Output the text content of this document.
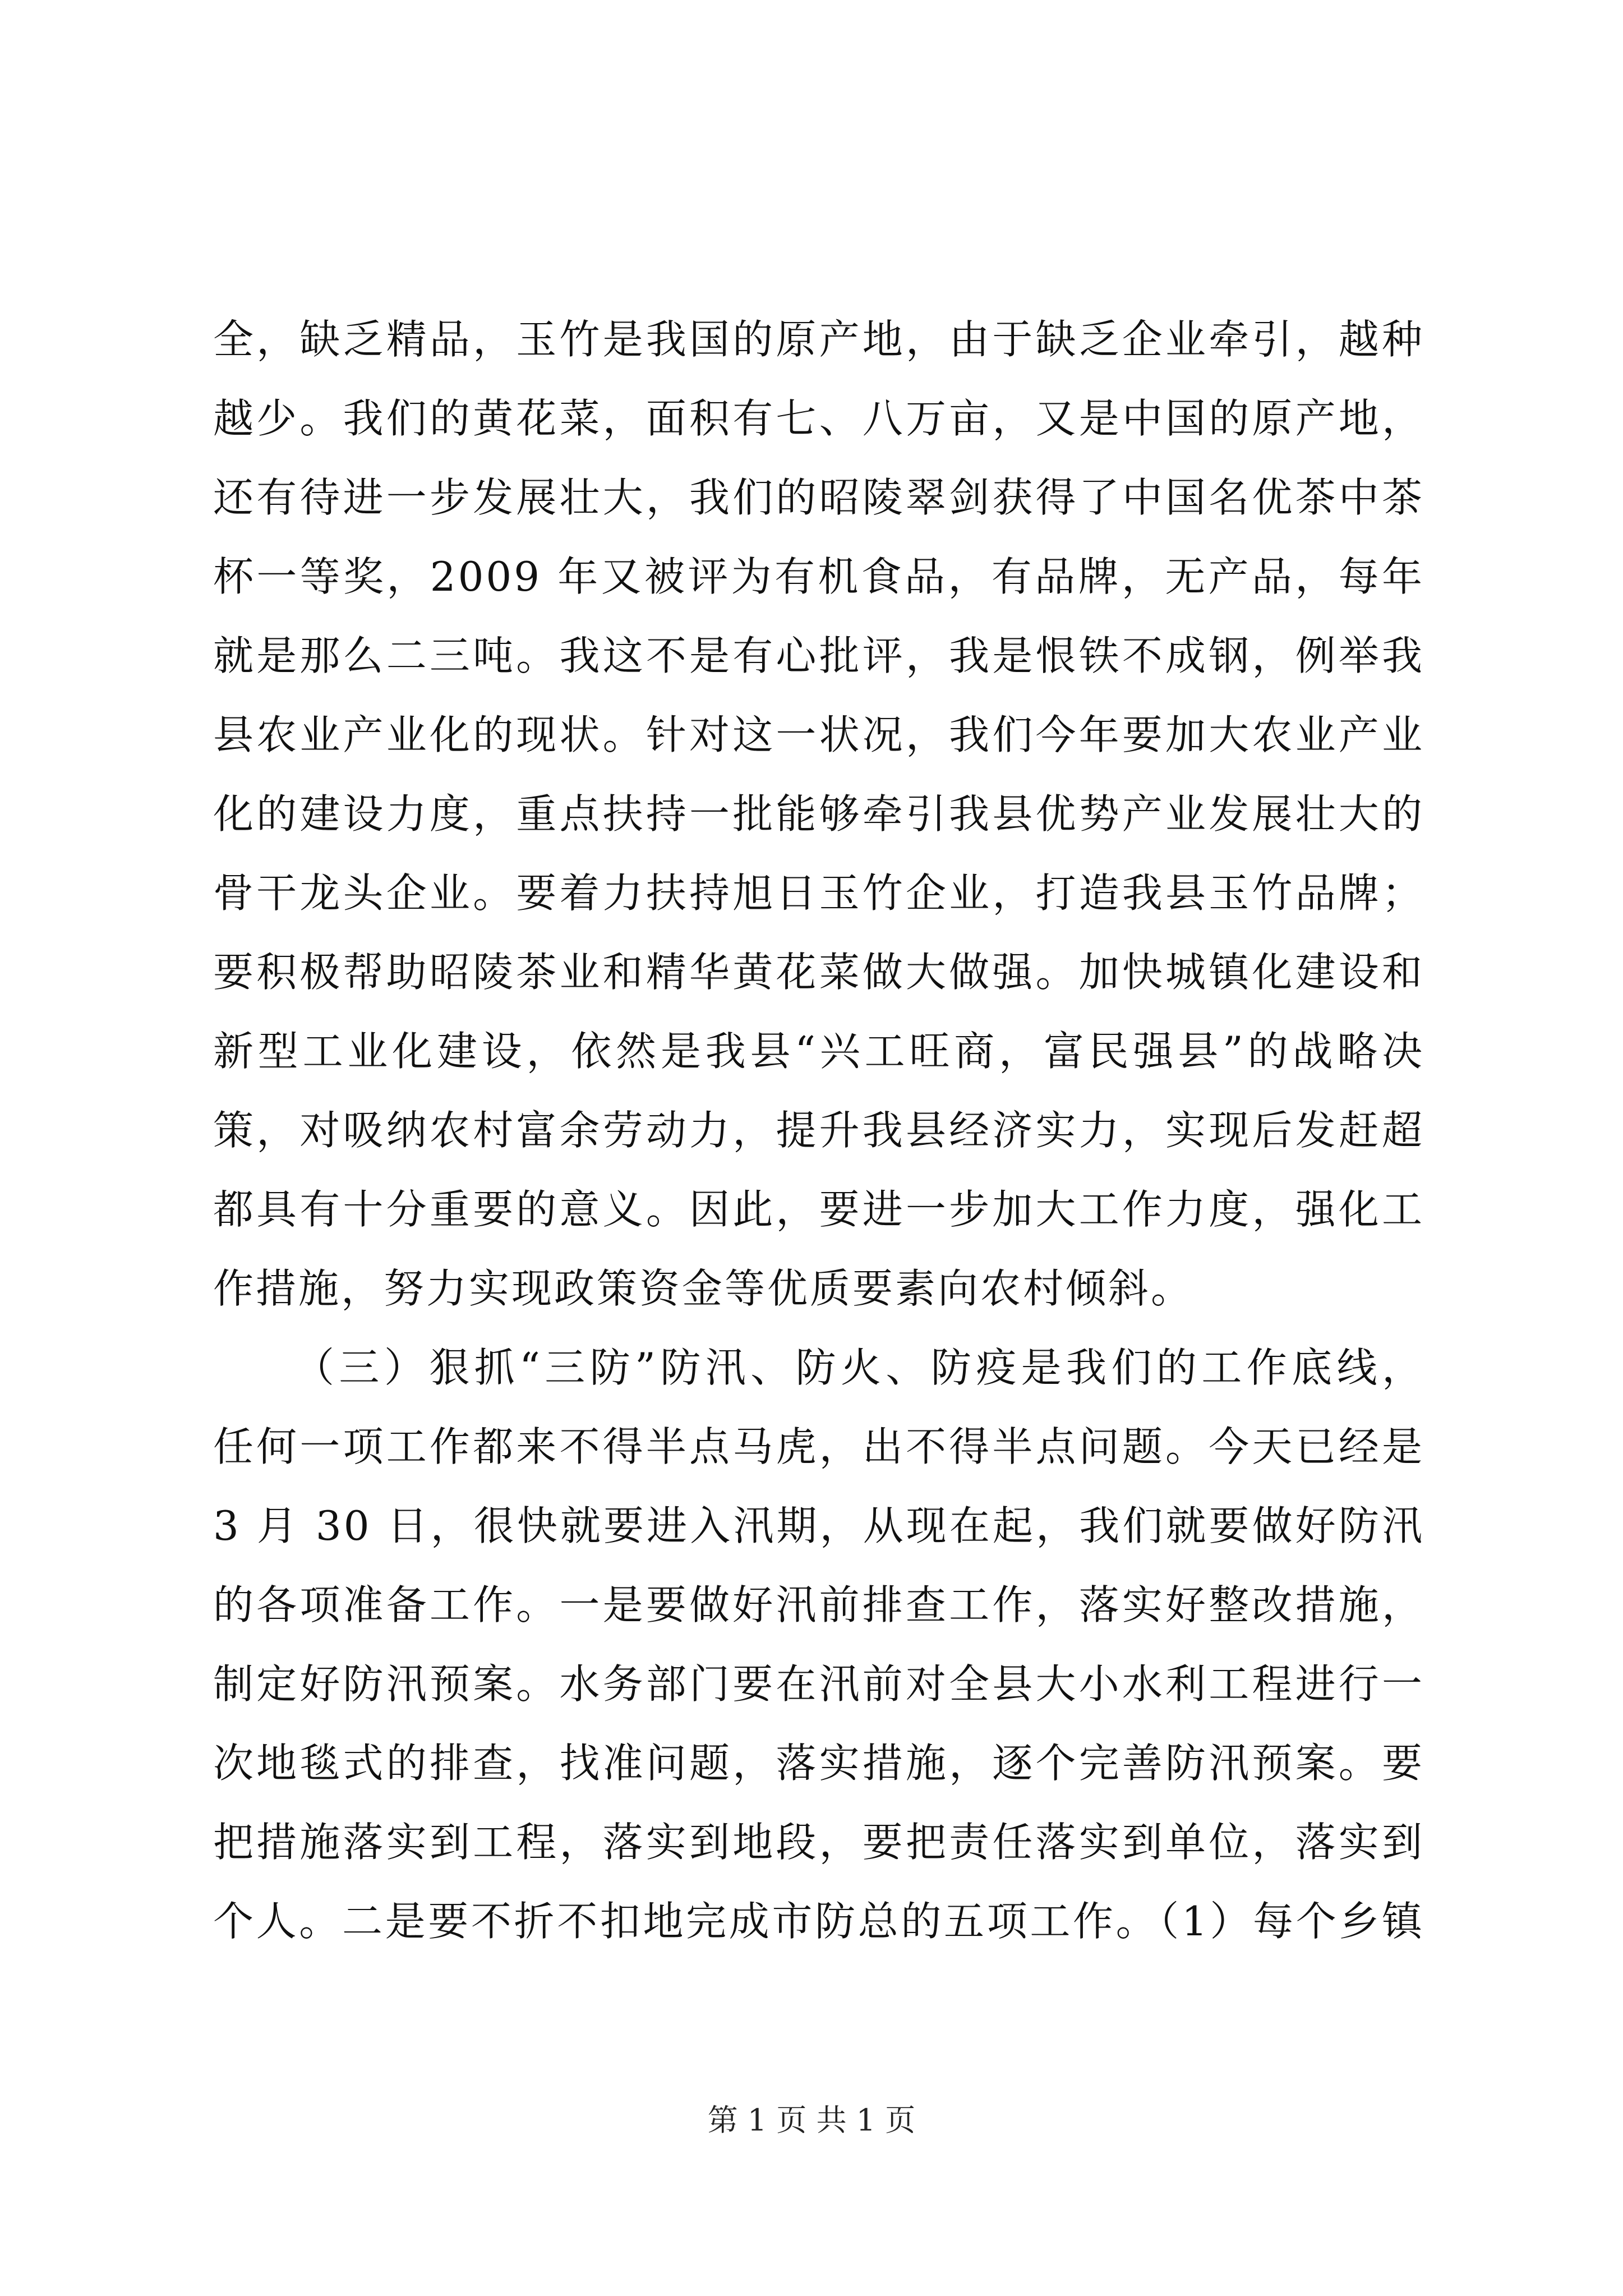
全，缺乏精品，玉竹是我国的原产地，由于缺乏企业牵引，越种
越少。我们的黄花菜，面积有七、八万亩，又是中国的原产地，
还有待进一步发展壮大，我们的昭陵翠剑获得了中国名优茶中茶
杯一等奖，2009 年又被评为有机食品，有品牌，无产品，每年
就是那么二三吨。我这不是有心批评，我是恨铁不成钢，例举我
县农业产业化的现状。针对这一状况，我们今年要加大农业产业
化的建设力度，重点扶持一批能够牵引我县优势产业发展壮大的
骨干龙头企业。要着力扶持旭日玉竹企业，打造我县玉竹品牌；
要积极帮助昭陵茶业和精华黄花菜做大做强。加快城镇化建设和
新型工业化建设，依然是我县“兴工旺商，富民强县”的战略决
策，对吸纳农村富余劳动力，提升我县经济实力，实现后发赶超
都具有十分重要的意义。因此，要进一步加大工作力度，强化工
作措施，努力实现政策资金等优质要素向农村倾斜。
（三）狠抓“三防”防汛、防火、防疫是我们的工作底线，
任何一项工作都来不得半点马虎，出不得半点问题。今天已经是
3 月 30 日，很快就要进入汛期，从现在起，我们就要做好防汛
的各项准备工作。一是要做好汛前排查工作，落实好整改措施，
制定好防汛预案。水务部门要在汛前对全县大小水利工程进行一
次地毯式的排查，找准问题，落实措施，逐个完善防汛预案。要
把措施落实到工程，落实到地段，要把责任落实到单位，落实到
个人。二是要不折不扣地完成市防总的五项工作。（1）每个乡镇
第 1 页 共 1 页
